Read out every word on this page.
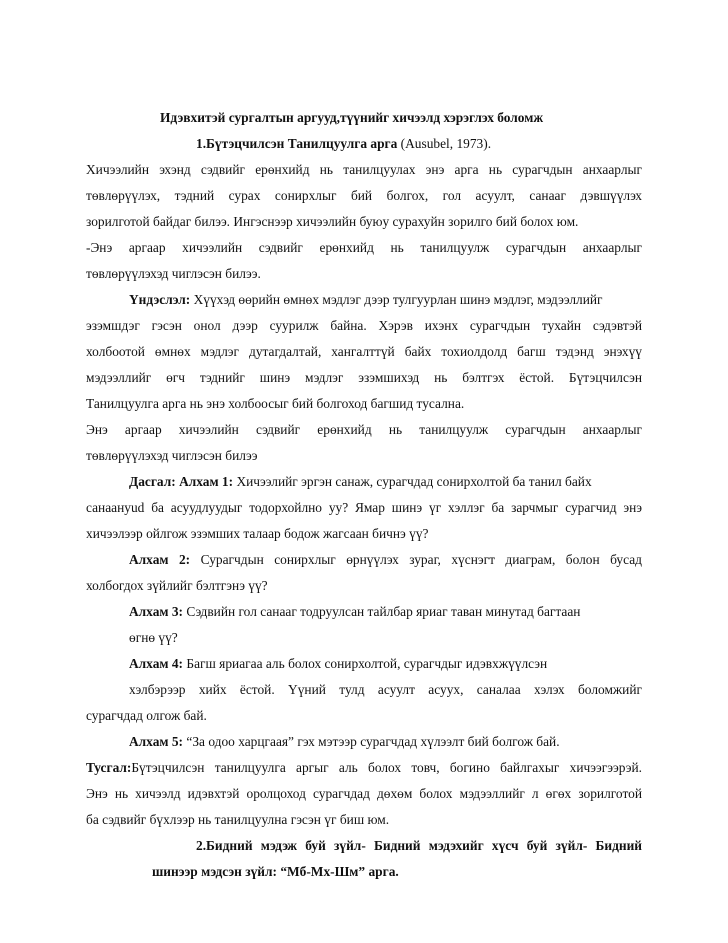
Идэвхитэй сургалтын аргууд,түүнийг хичээлд хэрэглэх боломж
1.Бүтэцчилсэн Танилцуулга арга (Ausubel, 1973).
Хичээлийн эхэнд сэдвийг ерөнхийд нь танилцуулах энэ арга нь сурагчдын анхаарлыг
төвлөрүүлэх, тэдний сурах сонирхлыг бий болгох, гол асуулт, санааг дэвшүүлэх
зорилготой байдаг билээ. Ингэснээр хичээлийн буюу сурахуйн зорилго бий болох юм.
-Энэ аргаар хичээлийн сэдвийг ерөнхийд нь танилцуулж сурагчдын анхаарлыг
төвлөрүүлэхэд чиглэсэн билээ.
Үндэслэл: Хүүхэд өөрийн өмнөх мэдлэг дээр тулгуурлан шинэ мэдлэг, мэдээллийг
эзэмшдэг гэсэн онол дээр суурилж байна. Хэрэв ихэнх сурагчдын тухайн сэдэвтэй
холбоотой өмнөх мэдлэг дутагдалтай, хангалттүй байх тохиолдолд багш тэдэнд энэхүү
мэдээллийг өгч тэднийг шинэ мэдлэг эзэмшихэд нь бэлтгэх ёстой. Бүтэцчилсэн
Танилцуулга арга нь энэ холбоосыг бий болгоход багшид тусална.
Энэ аргаар хичээлийн сэдвийг ерөнхийд нь танилцуулж сурагчдын анхаарлыг
төвлөрүүлэхэд чиглэсэн билээ
Дасгал: Алхам 1: Хичээлийг эргэн санаж, сурагчдад сонирхолтой ба танил байх
санаануud ба асуудлуудыг тодорхойлно уу? Ямар шинэ үг хэллэг ба зарчмыг сурагчид энэ
хичээлээр ойлгож эзэмших талаар бодож жагсаан бичнэ үү?
Алхам 2: Сурагчдын сонирхлыг өрнүүлэх зураг, хүснэгт диаграм, болон бусад
холбогдох зүйлийг бэлтгэнэ үү?
Алхам 3: Сэдвийн гол санааг тодруулсан тайлбар яриаг таван минутад багтаан
өгнө үү?
Алхам 4: Багш яриагаа аль болох сонирхолтой, сурагчдыг идэвхжүүлсэн
хэлбэрээр хийх ёстой. Үүний тулд асуулт асуух, саналаа хэлэх боломжийг
сурагчдад олгож бай.
Алхам 5: “За одоо харцгаая” гэх мэтээр сурагчдад хүлээлт бий болгож бай.
Тусгал:Бүтэцчилсэн танилцуулга аргыг аль болох товч, богино байлгахыг хичээгээрэй.
Энэ нь хичээлд идэвхтэй оролцоход сурагчдад дөхөм болох мэдээллийг л өгөх зорилготой
ба сэдвийг бүхлээр нь танилцуулна гэсэн үг биш юм.
2.Бидний мэдэж буй зүйл- Бидний мэдэхийг хүсч буй зүйл- Бидний
шинээр мэдсэн зүйл: “Мб-Мх-Шм” арга.
